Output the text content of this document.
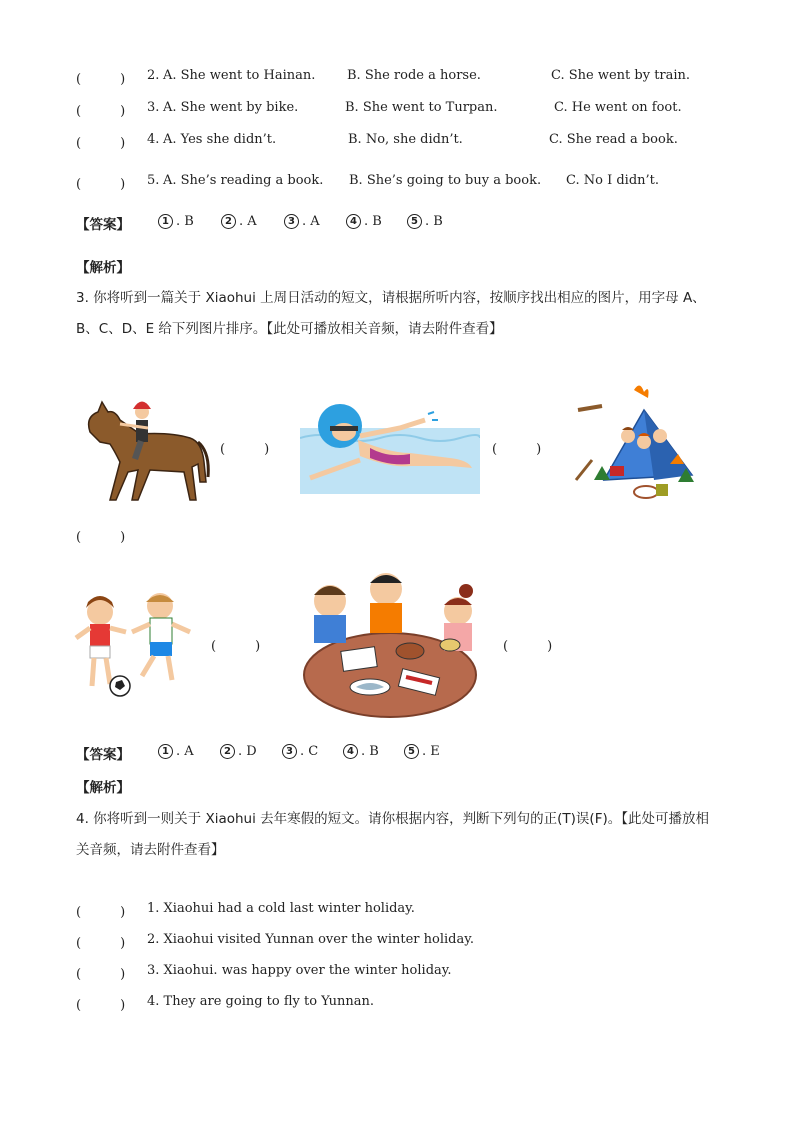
(　　　) 2. A. She went to Hainan. B. She rode a horse.	C. She went by train.
(　　　) 3. A. She went by bike.	B. She went to Turpan.	C. He went on foot.
(　　　) 4. A. Yes she didn’t.	B. No, she didn’t.	C. She read a book.
(　　　) 5. A. She’s reading a book. B. She’s going to buy a book. C. No I didn’t.
【答案】	1 . B	2 . A	3 . A	4 . B	5 . B
【解析】
3. 你将听到一篇关于 Xiaohui 上周日活动的短文，请根据所听内容，按顺序找出相应的图片，用字母 A、
B、C、D、E 给下列图片排序。【此处可播放相关音频，请去附件查看】
(　　　)	(　　　)
(　　　)
(　　　)	(　　　)
【答案】	1 . A	2 . D	3 . C	4 . B	5 . E
【解析】
4. 你将听到一则关于 Xiaohui 去年寒假的短文。请你根据内容，判断下列句的正(T)误(F)。【此处可播放相
关音频，请去附件查看】
(　　　) 1. Xiaohui had a cold last winter holiday.
(　　　) 2. Xiaohui visited Yunnan over the winter holiday.
(　　　) 3. Xiaohui. was happy over the winter holiday.
(　　　) 4. They are going to fly to Yunnan.
